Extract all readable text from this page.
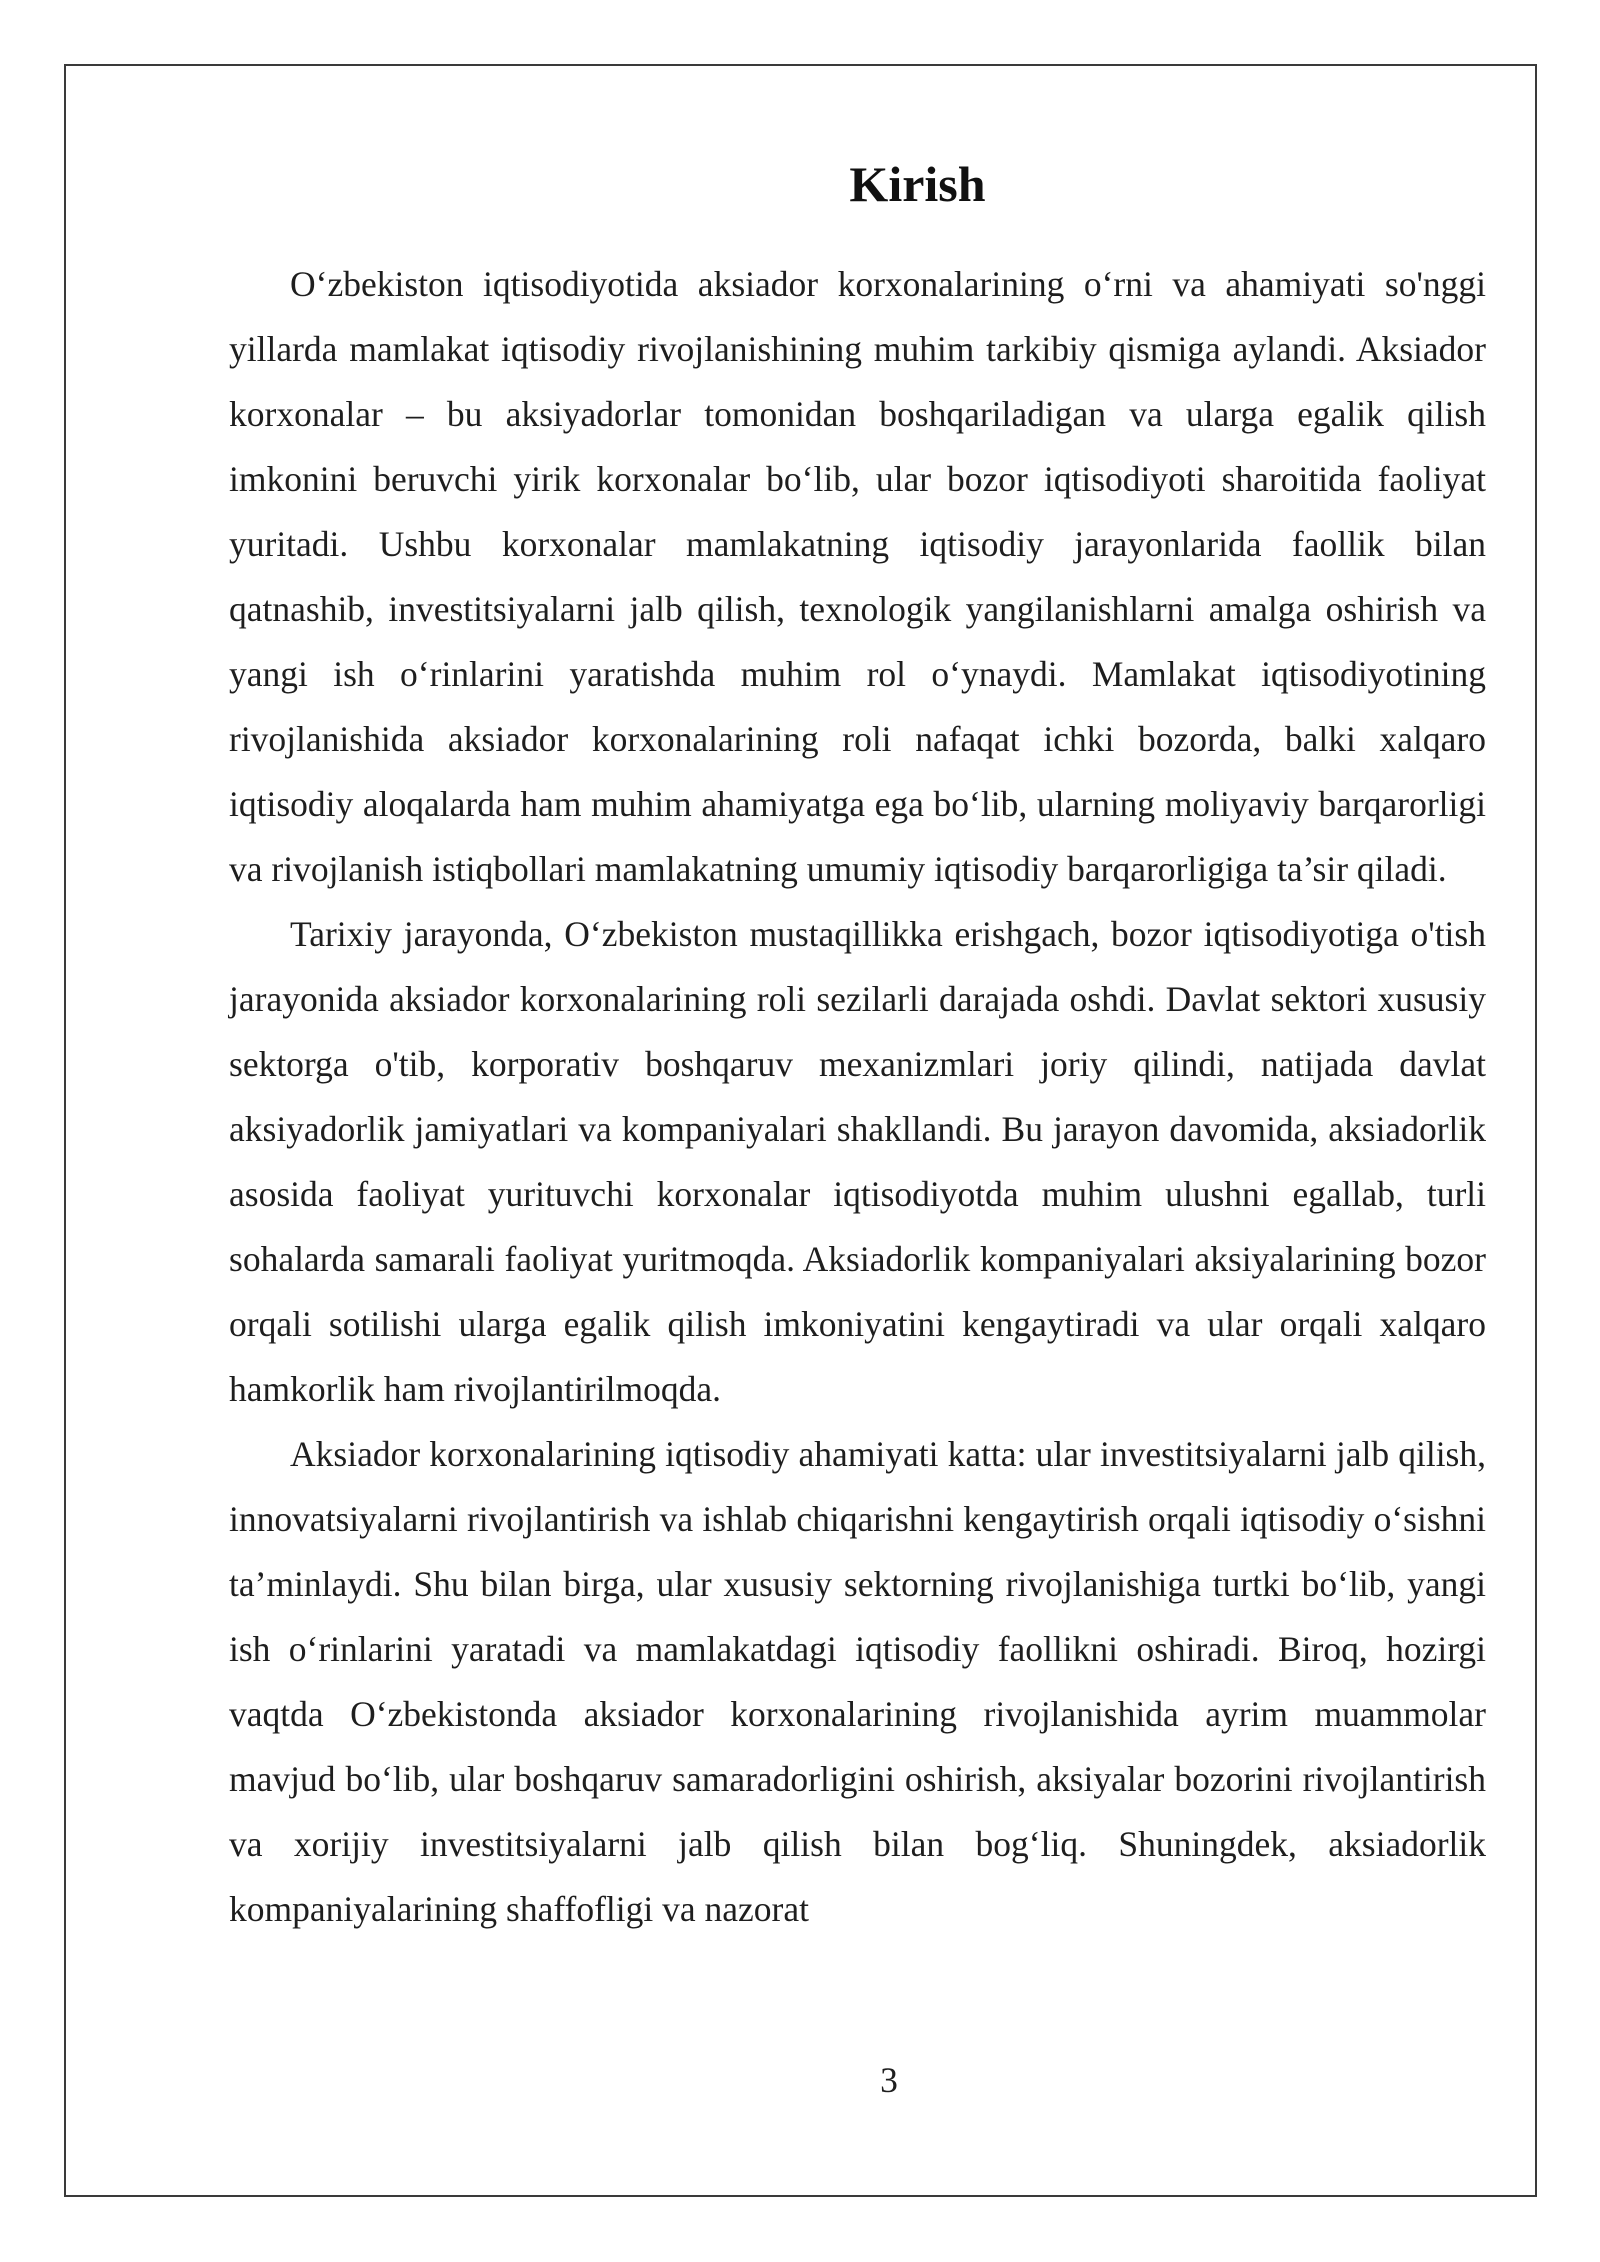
Kirish

O‘zbekiston iqtisodiyotida aksiador korxonalarining o‘rni va ahamiyati so'nggi yillarda mamlakat iqtisodiy rivojlanishining muhim tarkibiy qismiga aylandi. Aksiador korxonalar – bu aksiyadorlar tomonidan boshqariladigan va ularga egalik qilish imkonini beruvchi yirik korxonalar bo‘lib, ular bozor iqtisodiyoti sharoitida faoliyat yuritadi. Ushbu korxonalar mamlakatning iqtisodiy jarayonlarida faollik bilan qatnashib, investitsiyalarni jalb qilish, texnologik yangilanishlarni amalga oshirish va yangi ish o‘rinlarini yaratishda muhim rol o‘ynaydi. Mamlakat iqtisodiyotining rivojlanishida aksiador korxonalarining roli nafaqat ichki bozorda, balki xalqaro iqtisodiy aloqalarda ham muhim ahamiyatga ega bo‘lib, ularning moliyaviy barqarorligi va rivojlanish istiqbollari mamlakatning umumiy iqtisodiy barqarorligiga ta’sir qiladi.

Tarixiy jarayonda, O‘zbekiston mustaqillikka erishgach, bozor iqtisodiyotiga o'tish jarayonida aksiador korxonalarining roli sezilarli darajada oshdi. Davlat sektori xususiy sektorga o'tib, korporativ boshqaruv mexanizmlari joriy qilindi, natijada davlat aksiyadorlik jamiyatlari va kompaniyalari shakllandi. Bu jarayon davomida, aksiadorlik asosida faoliyat yurituvchi korxonalar iqtisodiyotda muhim ulushni egallab, turli sohalarda samarali faoliyat yuritmoqda. Aksiadorlik kompaniyalari aksiyalarining bozor orqali sotilishi ularga egalik qilish imkoniyatini kengaytiradi va ular orqali xalqaro hamkorlik ham rivojlantirilmoqda.

Aksiador korxonalarining iqtisodiy ahamiyati katta: ular investitsiyalarni jalb qilish, innovatsiyalarni rivojlantirish va ishlab chiqarishni kengaytirish orqali iqtisodiy o‘sishni ta’minlaydi. Shu bilan birga, ular xususiy sektorning rivojlanishiga turtki bo‘lib, yangi ish o‘rinlarini yaratadi va mamlakatdagi iqtisodiy faollikni oshiradi. Biroq, hozirgi vaqtda O‘zbekistonda aksiador korxonalarining rivojlanishida ayrim muammolar mavjud bo‘lib, ular boshqaruv samaradorligini oshirish, aksiyalar bozorini rivojlantirish va xorijiy investitsiyalarni jalb qilish bilan bog‘liq. Shuningdek, aksiadorlik kompaniyalarining shaffofligi va nazorat

3
